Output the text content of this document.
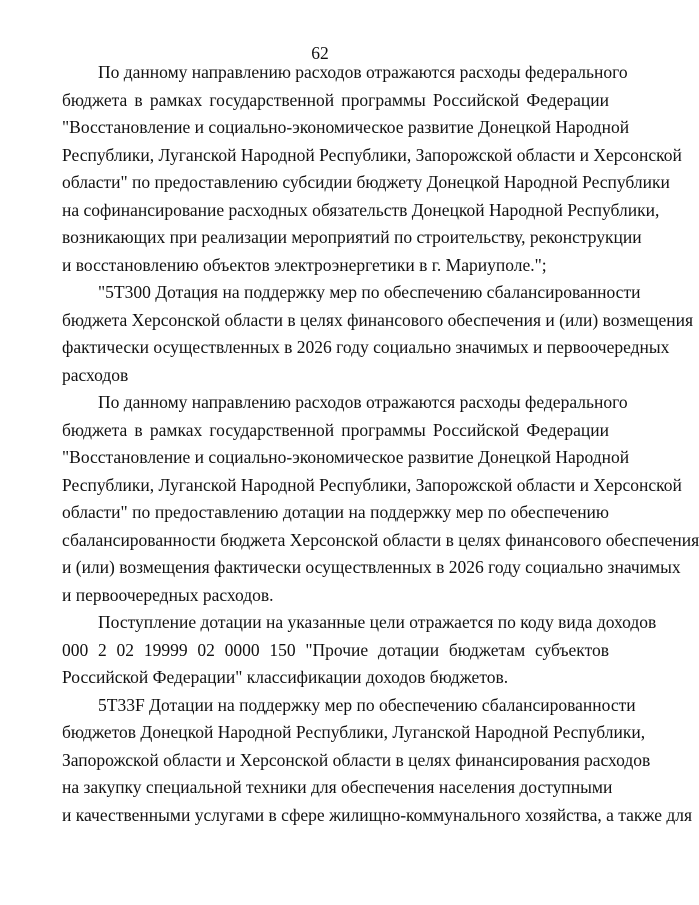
62
По данному направлению расходов отражаются расходы федерального
бюджета в рамках государственной программы Российской Федерации
"Восстановление и социально-экономическое развитие Донецкой Народной
Республики, Луганской Народной Республики, Запорожской области и Херсонской
области" по предоставлению субсидии бюджету Донецкой Народной Республики
на софинансирование расходных обязательств Донецкой Народной Республики,
возникающих при реализации мероприятий по строительству, реконструкции
и восстановлению объектов электроэнергетики в г. Мариуполе.";
"5Т300 Дотация на поддержку мер по обеспечению сбалансированности
бюджета Херсонской области в целях финансового обеспечения и (или) возмещения
фактически осуществленных в 2026 году социально значимых и первоочередных
расходов
По данному направлению расходов отражаются расходы федерального
бюджета в рамках государственной программы Российской Федерации
"Восстановление и социально-экономическое развитие Донецкой Народной
Республики, Луганской Народной Республики, Запорожской области и Херсонской
области" по предоставлению дотации на поддержку мер по обеспечению
сбалансированности бюджета Херсонской области в целях финансового обеспечения
и (или) возмещения фактически осуществленных в 2026 году социально значимых
и первоочередных расходов.
Поступление дотации на указанные цели отражается по коду вида доходов
000 2 02 19999 02 0000 150 "Прочие дотации бюджетам субъектов
Российской Федерации" классификации доходов бюджетов.
5Т33F Дотации на поддержку мер по обеспечению сбалансированности
бюджетов Донецкой Народной Республики, Луганской Народной Республики,
Запорожской области и Херсонской области в целях финансирования расходов
на закупку специальной техники для обеспечения населения доступными
и качественными услугами в сфере жилищно-коммунального хозяйства, а также для
